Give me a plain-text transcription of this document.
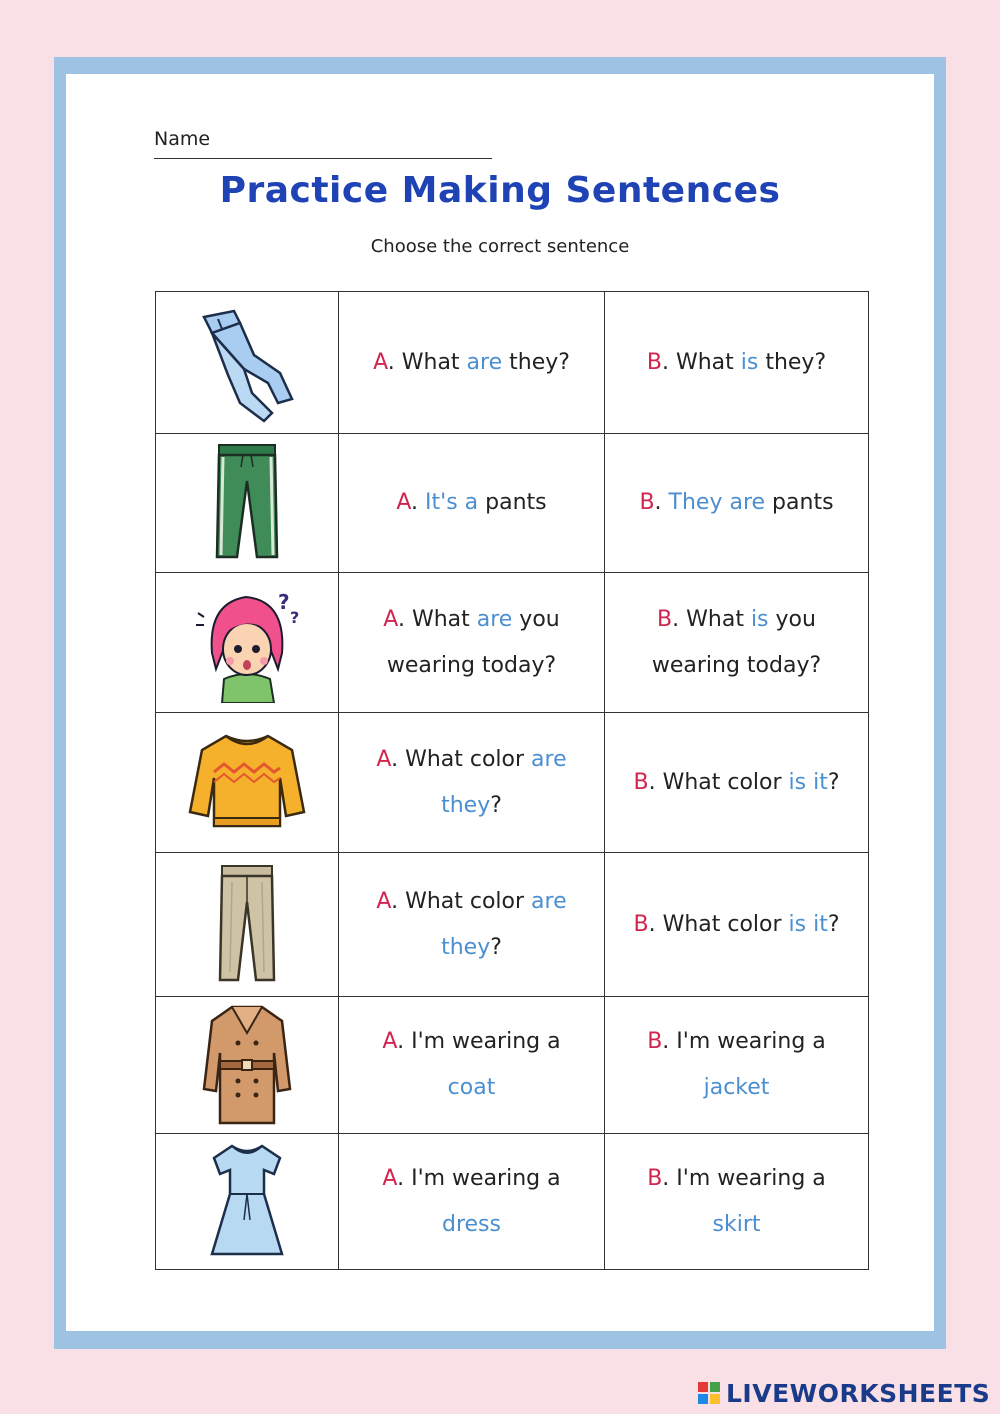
Name
Practice Making Sentences
Choose the correct sentence
	A. What are they?	B. What is they?

	A. It's a pants	B. They are pants

?
?	A. What are you
wearing today?	B. What is you
wearing today?

	A. What color are
they?	B. What color is it?

	A. What color are
they?	B. What color is it?

	A. I'm wearing a
coat	B. I'm wearing a
jacket

	A. I'm wearing a
dress	B. I'm wearing a
skirt
LIVEWORKSHEETS
